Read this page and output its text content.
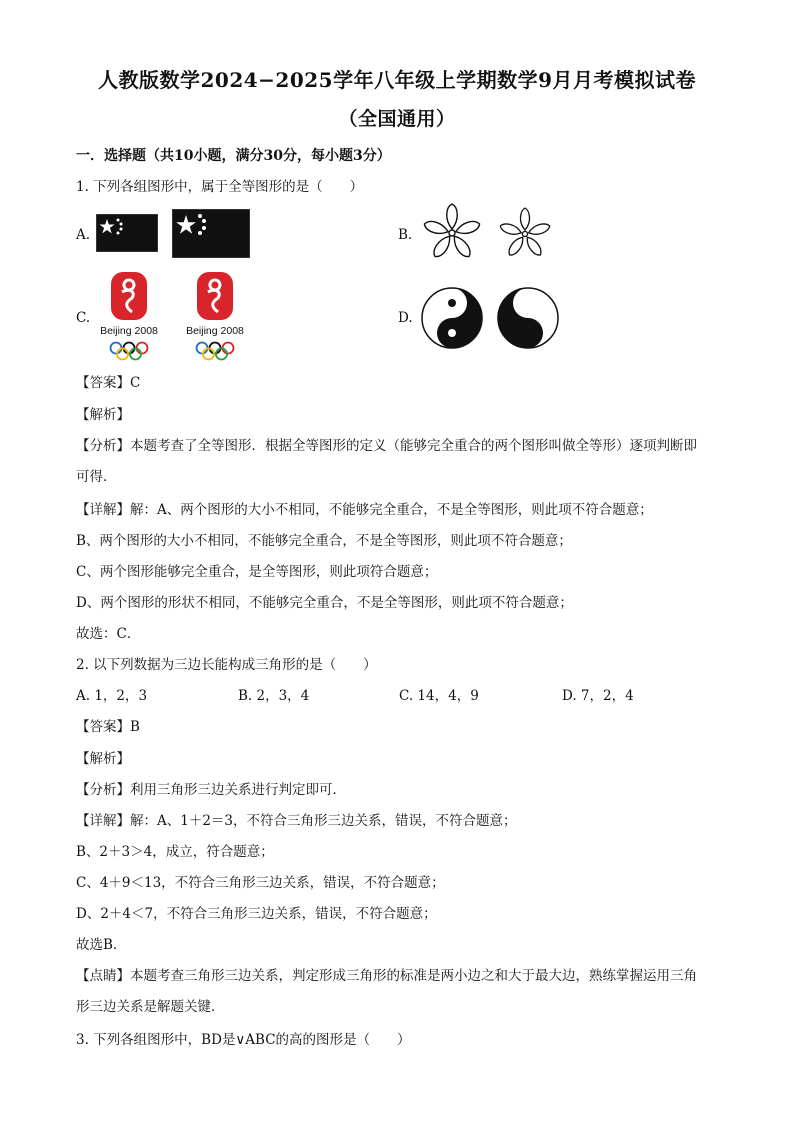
人教版数学2024−2025学年八年级上学期数学9月月考模拟试卷
（全国通用）
一．选择题（共10小题，满分30分，每小题3分）
1. 下列各组图形中，属于全等图形的是（　　）
A.	B.
C.
Beijing 2008	Beijing 2008
D.
【答案】C
【解析】
【分析】本题考查了全等图形．根据全等图形的定义（能够完全重合的两个图形叫做全等形）逐项判断即
可得．
【详解】解：A、两个图形的大小不相同，不能够完全重合，不是全等图形，则此项不符合题意；
B、两个图形的大小不相同，不能够完全重合，不是全等图形，则此项不符合题意；
C、两个图形能够完全重合，是全等图形，则此项符合题意；
D、两个图形的形状不相同，不能够完全重合，不是全等图形，则此项不符合题意；
故选：C．
2. 以下列数据为三边长能构成三角形的是（　　）
A. 1，2，3	B. 2，3，4	C. 14，4，9	D. 7，2，4
【答案】B
【解析】
【分析】利用三角形三边关系进行判定即可．
【详解】解：A、1＋2＝3，不符合三角形三边关系，错误，不符合题意；
B、2＋3＞4，成立，符合题意；
C、4＋9＜13，不符合三角形三边关系，错误，不符合题意；
D、2＋4＜7，不符合三角形三边关系，错误，不符合题意；
故选B．
【点睛】本题考查三角形三边关系，判定形成三角形的标准是两小边之和大于最大边，熟练掌握运用三角
形三边关系是解题关键．
3. 下列各组图形中，BD是∨ABC的高的图形是（　　）
